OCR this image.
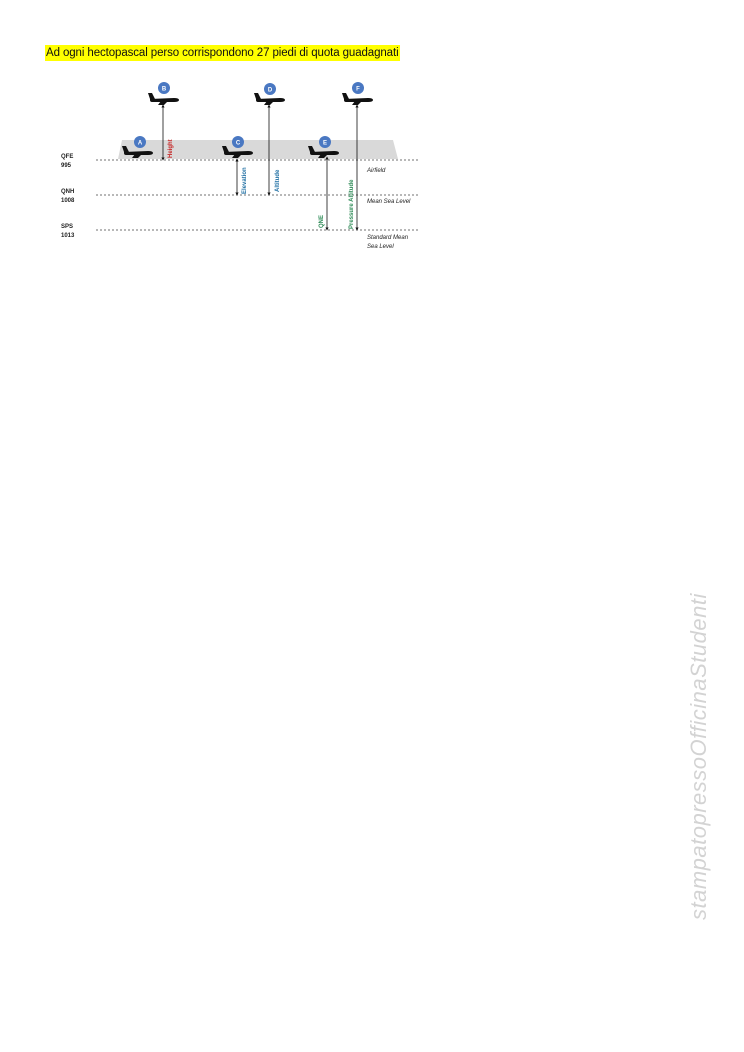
Ad ogni hectopascal perso corrispondono 27 piedi di quota guadagnati
QFE
995
QNH
1008
SPS
1013
Airfield
Mean Sea Level
Standard Mean
Sea Level
B	D	F
A	C	E
Height
Elevation	Altitude
QNE	Pressure Altitude
stampatopressoOfficinaStudenti
